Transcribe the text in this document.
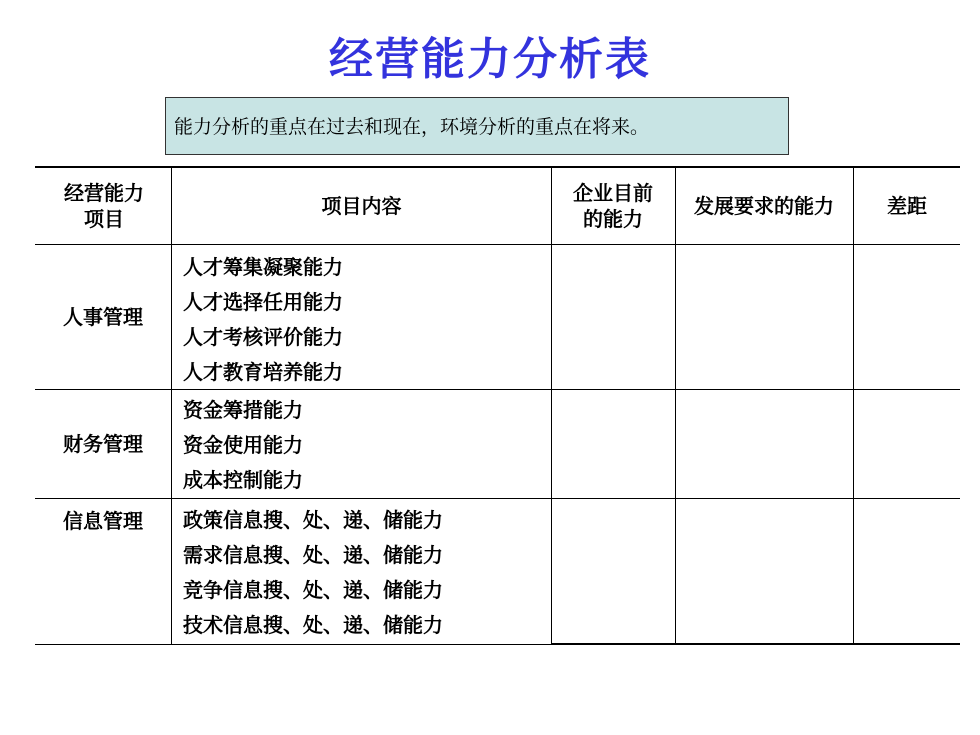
经营能力分析表
能力分析的重点在过去和现在，环境分析的重点在将来。
经营能力项目
项目内容
企业目前的能力
发展要求的能力	差距
人事管理
人才筹集凝聚能力
人才选择任用能力
人才考核评价能力
人才教育培养能力
财务管理
资金筹措能力
资金使用能力
成本控制能力
信息管理	政策信息搜、处、递、储能力
需求信息搜、处、递、储能力
竞争信息搜、处、递、储能力
技术信息搜、处、递、储能力
